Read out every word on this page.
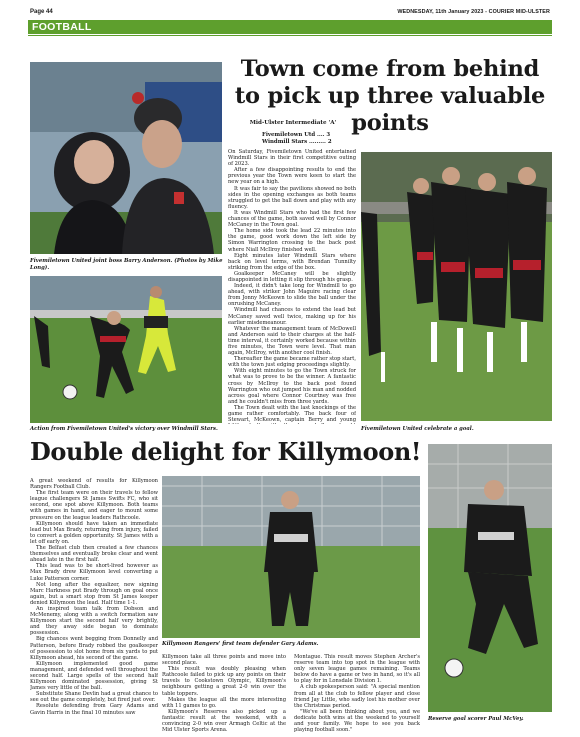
Page 44	WEDNESDAY, 11th January 2023 - COURIER MID-ULSTER
FOOTBALL
Fivemiletown United joint boss Barry Anderson. (Photos by Mike Long).
Action from Fivemiletown United's victory over Windmill Stars.
Town come from behind to pick up three valuable points
Mid-Ulster Intermediate 'A'
Fivemiletown Utd .... 3
Windmill Stars ......... 2

On Saturday, Fivemiletown United entertained Windmill Stars in their first competitive outing of 2023.

After a few disappointing results to end the previous year the Town were keen to start the new year on a high.

It was fair to say the pavilions showed no both sides in the opening exchanges as both teams struggled to get the ball down and play with any fluency.

It was Windmill Stars who had the first few chances of the game, both saved well by Connor McCaney in the Town goal.

The home side took the lead 22 minutes into the game, good work down the left side by Simon Warrington crossing to the back post where Niall McIlroy finished well.

Eight minutes later Windmill Stars where back on level terms, with Brendan Tunnilty striking from the edge of the box.

Goalkeeper McCaney will be slightly disappointed in letting it slip through his grasp.

Indeed, it didn't take long for Windmill to go ahead, with striker John Maguire racing clear from Jonny McKeown to slide the ball under the onrushing McCaney.

Windmill had chances to extend the lead but McCaney saved well twice, making up for his earlier misdemeanour.

Whatever the management team of McDowell and Anderson said to their charges at the half-time interval, it certainly worked because within five minutes, the Town were level. That man again, McIlroy, with another cool finish.

Thereafter the game became rather stop start, with the town just edging proceedings slightly.

With eight minutes to go the Town struck for what was to prove to be the winner. A fantastic cross by McIlroy to the back post found Warrington who out jumped his man and nodded across goal where Connor Courtney was free and he couldn't miss from three yards.

The Town dealt with the last knockings of the game rather comfortably. The back four of Stewart, McKeown, captain Berry and young

Fivemiletown United celebrate a goal.
Double delight for Killymoon!

A great weekend of results for Killymoon Rangers Football Club.

The first team were on their travels to fellow league challengers St James Swifts FC, who sit second, one spot above Killymoon. Both teams with games in hand, and eager to mount some pressure on the league leaders Rathcoole.

Killymoon should have taken an immediate lead but Max Brady, returning from injury, failed to convert a golden opportunity. St James with a let off early on.

The Belfast club then created a few chances themselves and eventually broke clear and went ahead late in the first half.

This lead was to be short-lived however as Max Brady drew Killymoon level converting a Luke Patterson corner.

Not long after the equalizer, new signing Marc Harkness put Brady through on goal once again, but a smart stop from St James keeper denied Killymoon the lead. Half time 1-1.

An inspired team talk from Dobson and McMenemy, along with a switch formation saw Killymoon start the second half very brightly, and they away side began to dominate possession.

Big chances went begging from Donnelly and Patterson, before Brady robbed the goalkeeper of possession to slot home from six yards to put Killymoon ahead, his second of the game.

Killymoon implemented good game management, and defended well throughout the second half. Large spells of the second half Killymoon dominated possession, giving St James very little of the ball.

Substitute Shane Devlin had a great chance to see out the game completely, but fired just over.

Resolute defending from Gary Adams and Gavin Harris in the final 10 minutes saw

Killymoon Rangers' first team defender Gary Adams.

Killymoon take all three points and move into second place.

This result was doubly pleasing when Rathcoole failed to pick up any points on their travels to Cookstown Olympic, Killymoon's neighbours getting a great 2-0 win over the table toppers.

Makes the league all the more interesting with 11 games to go.

Killymoon's Reserves also picked up a fantastic result at the weekend, with a convincing 2-0 win over Armagh Celtic at the Mid Ulster Sports Arena.

Montague. This result moves Stephen Archer's reserve team into top spot in the league with only seven league games remaining. Teams below do have a game or two in hand, so it's all to play for in Lonsdale Division 1.

A club spokesperson said: "A special mention from all at the club to fellow player and close friend Jay Little, who sadly lost his mother over the Christmas period.

"We've all been thinking about you, and we dedicate both wins at the weekend to yourself and your family. We hope to see you back playing football soon."

Reserve goal scorer Paul McVey.
